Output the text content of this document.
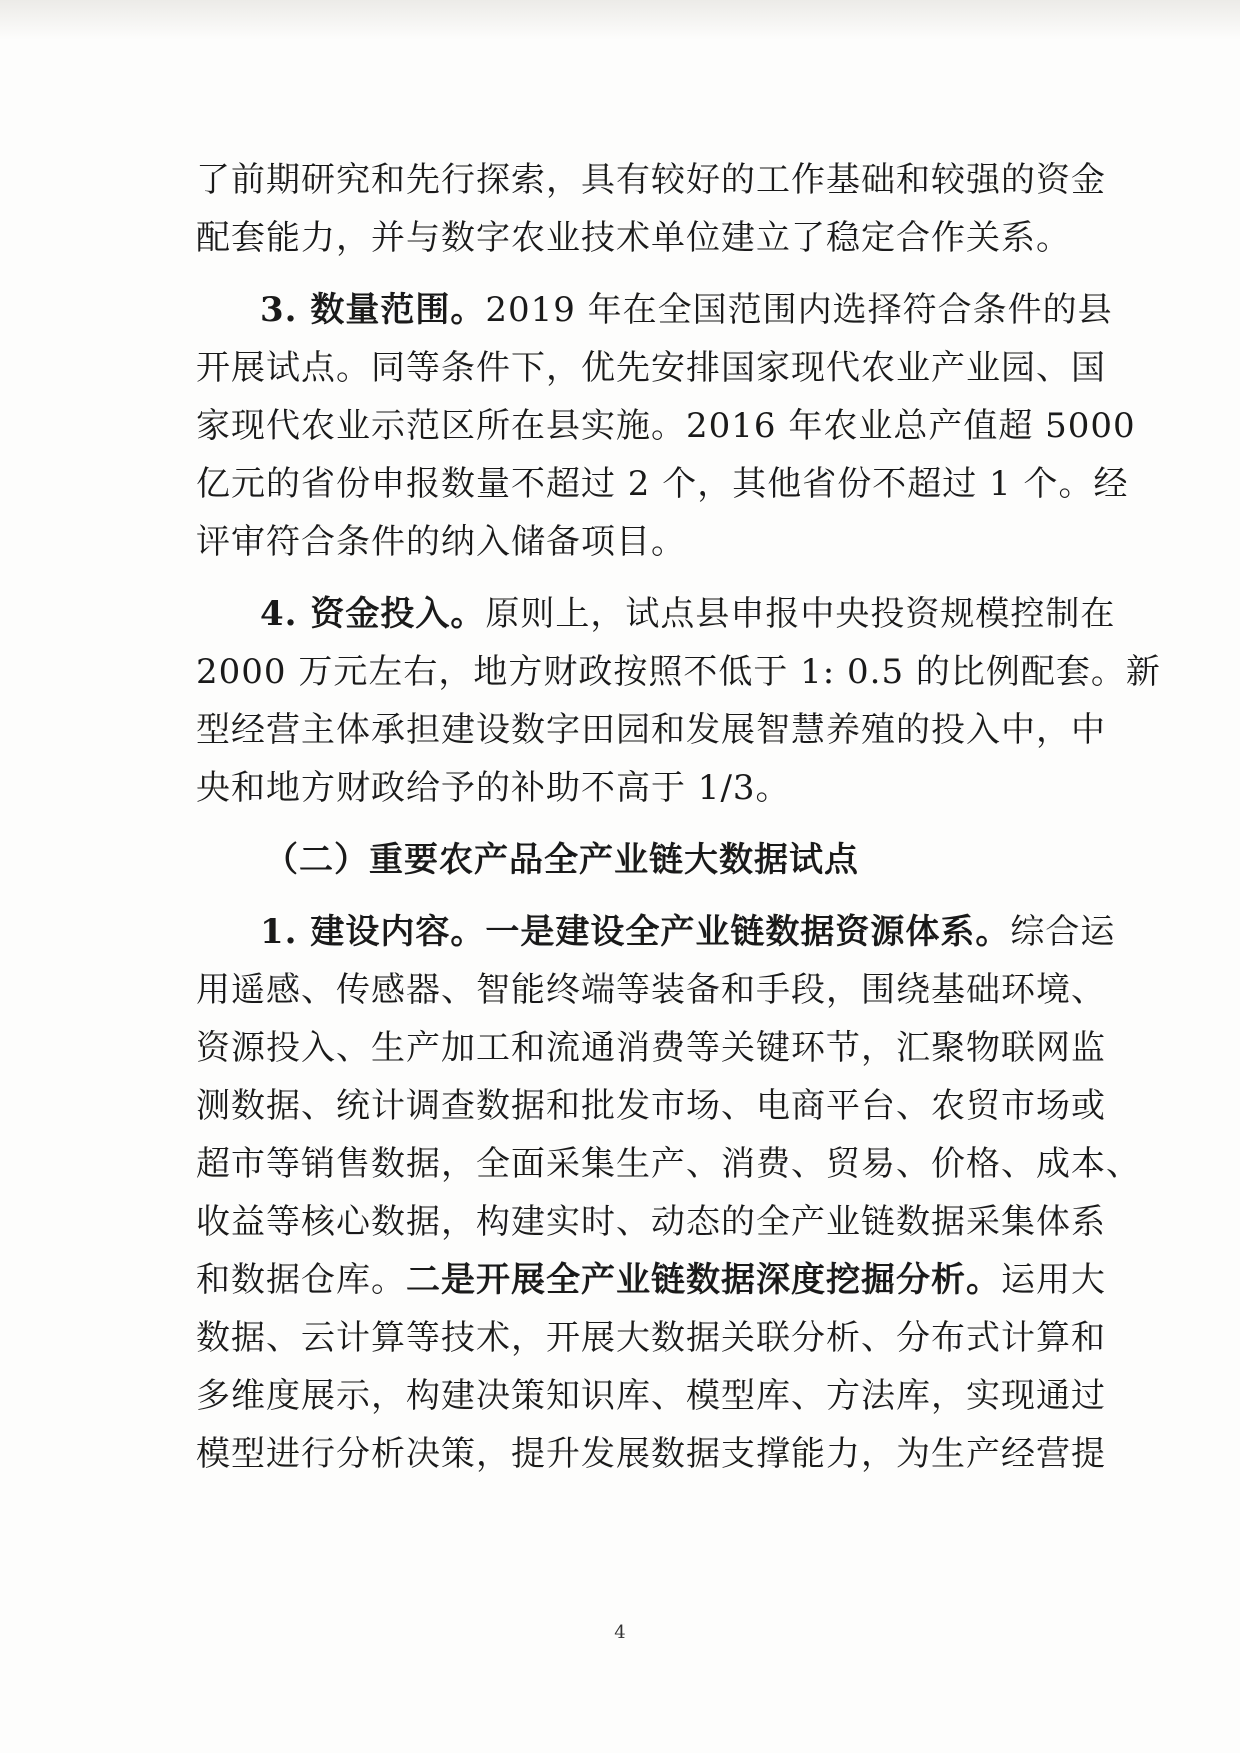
了前期研究和先行探索，具有较好的工作基础和较强的资金
配套能力，并与数字农业技术单位建立了稳定合作关系。
3. 数量范围。2019 年在全国范围内选择符合条件的县
开展试点。同等条件下，优先安排国家现代农业产业园、国
家现代农业示范区所在县实施。2016 年农业总产值超 5000
亿元的省份申报数量不超过 2 个，其他省份不超过 1 个。经
评审符合条件的纳入储备项目。
4. 资金投入。原则上，试点县申报中央投资规模控制在
2000 万元左右，地方财政按照不低于 1: 0.5 的比例配套。新
型经营主体承担建设数字田园和发展智慧养殖的投入中，中
央和地方财政给予的补助不高于 1/3。
（二）重要农产品全产业链大数据试点
1. 建设内容。一是建设全产业链数据资源体系。综合运
用遥感、传感器、智能终端等装备和手段，围绕基础环境、
资源投入、生产加工和流通消费等关键环节，汇聚物联网监
测数据、统计调查数据和批发市场、电商平台、农贸市场或
超市等销售数据，全面采集生产、消费、贸易、价格、成本、
收益等核心数据，构建实时、动态的全产业链数据采集体系
和数据仓库。二是开展全产业链数据深度挖掘分析。运用大
数据、云计算等技术，开展大数据关联分析、分布式计算和
多维度展示，构建决策知识库、模型库、方法库，实现通过
模型进行分析决策，提升发展数据支撑能力，为生产经营提
4
